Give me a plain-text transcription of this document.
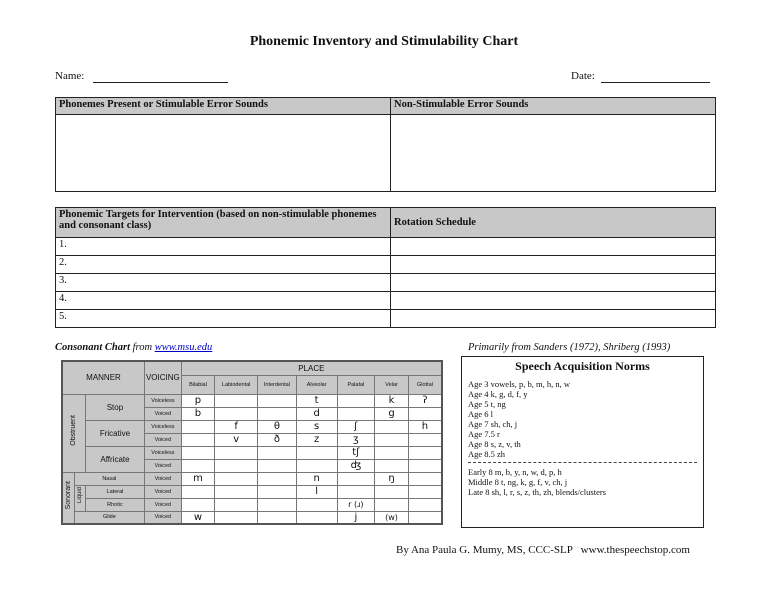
Phonemic Inventory and Stimulability Chart
Name:	Date:
Phonemes Present or Stimulable Error Sounds	Non-Stimulable Error Sounds

Phonemic Targets for Intervention (based on non-stimulable phonemes and consonant class)	Rotation Schedule
1.	
2.	
3.	
4.	
5.	
Consonant Chart from www.msu.edu	Primarily from Sanders (1972), Shriberg (1993)
MANNER			VOICING	PLACE						
				Bilabial	Labiodental	Interdental	Alveolar	Palatal	Velar	Glottal
Obstruent		Stop	Voiceless	p			t		k	ʔ
			Voiced	b			d		g	
		Fricative	Voiceless		f	θ	s	ʃ		h
			Voiced		v	ð	z	ʒ		
		Affricate	Voiceless					tʃ		
			Voiced					ʤ		
Sonorant	Nasal		Voiced	m			n		ŋ	
	Liquid	Lateral	Voiced				l			
		Rhotic	Voiced					r (ɹ)		
	Glide		Voiced	w				j	(w)	
Speech Acquisition Norms
Age 3 vowels, p, b, m, h, n, w
Age 4 k, g, d, f, y
Age 5 t, ng
Age 6 l
Age 7 sh, ch, j
Age 7.5 r
Age 8 s, z, v, th
Age 8.5 zh
Early 8 m, b, y, n, w, d, p, h
Middle 8 t, ng, k, g, f, v, ch, j
Late 8 sh, l, r, s, z, th, zh, blends/clusters
By Ana Paula G. Mumy, MS, CCC-SLP   www.thespeechstop.com
